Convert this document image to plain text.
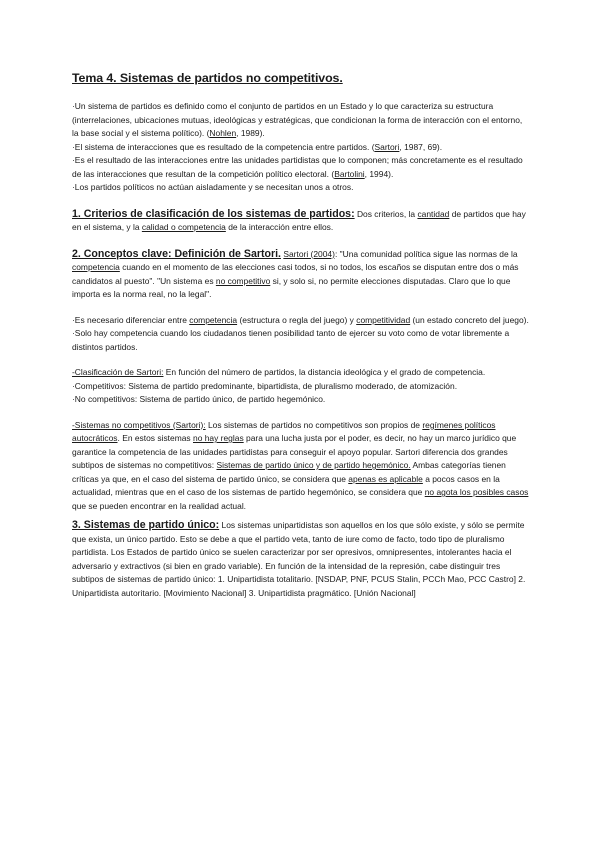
Tema 4. Sistemas de partidos no competitivos.

·Un sistema de partidos es definido como el conjunto de partidos en un Estado y lo que caracteriza su estructura (interrelaciones, ubicaciones mutuas, ideológicas y estratégicas, que condicionan la forma de interacción con el entorno, la base social y el sistema político). (Nohlen, 1989).

·El sistema de interacciones que es resultado de la competencia entre partidos. (Sartori, 1987, 69).

·Es el resultado de las interacciones entre las unidades partidistas que lo componen; más concretamente es el resultado de las interacciones que resultan de la competición político electoral. (Bartolini, 1994).

·Los partidos políticos no actúan aisladamente y se necesitan unos a otros.

1. Criterios de clasificación de los sistemas de partidos: Dos criterios, la cantidad de partidos que hay en el sistema, y la calidad o competencia de la interacción entre ellos.

2. Conceptos clave: Definición de Sartori. Sartori (2004): "Una comunidad política sigue las normas de la competencia cuando en el momento de las elecciones casi todos, si no todos, los escaños se disputan entre dos o más candidatos al puesto". "Un sistema es no competitivo si, y solo si, no permite elecciones disputadas. Claro que lo que importa es la norma real, no la legal".

·Es necesario diferenciar entre competencia (estructura o regla del juego) y competitividad (un estado concreto del juego).

·Solo hay competencia cuando los ciudadanos tienen posibilidad tanto de ejercer su voto como de votar libremente a distintos partidos.

-Clasificación de Sartori: En función del número de partidos, la distancia ideológica y el grado de competencia.

·Competitivos: Sistema de partido predominante, bipartidista, de pluralismo moderado, de atomización.

·No competitivos: Sistema de partido único, de partido hegemónico.

-Sistemas no competitivos (Sartori): Los sistemas de partidos no competitivos son propios de regímenes políticos autocráticos. En estos sistemas no hay reglas para una lucha justa por el poder, es decir, no hay un marco jurídico que garantice la competencia de las unidades partidistas para conseguir el apoyo popular. Sartori diferencia dos grandes subtipos de sistemas no competitivos: Sistemas de partido único y de partido hegemónico. Ambas categorías tienen críticas ya que, en el caso del sistema de partido único, se considera que apenas es aplicable a pocos casos en la actualidad, mientras que en el caso de los sistemas de partido hegemónico, se considera que no agota los posibles casos que se pueden encontrar en la realidad actual.

3. Sistemas de partido único: Los sistemas unipartidistas son aquellos en los que sólo existe, y sólo se permite que exista, un único partido. Esto se debe a que el partido veta, tanto de iure como de facto, todo tipo de pluralismo partidista. Los Estados de partido único se suelen caracterizar por ser opresivos, omnipresentes, intolerantes hacia el adversario y extractivos (si bien en grado variable). En función de la intensidad de la represión, cabe distinguir tres subtipos de sistemas de partido único: 1. Unipartidista totalitario. [NSDAP, PNF, PCUS Stalin, PCCh Mao, PCC Castro] 2. Unipartidista autoritario. [Movimiento Nacional] 3. Unipartidista pragmático. [Unión Nacional]
